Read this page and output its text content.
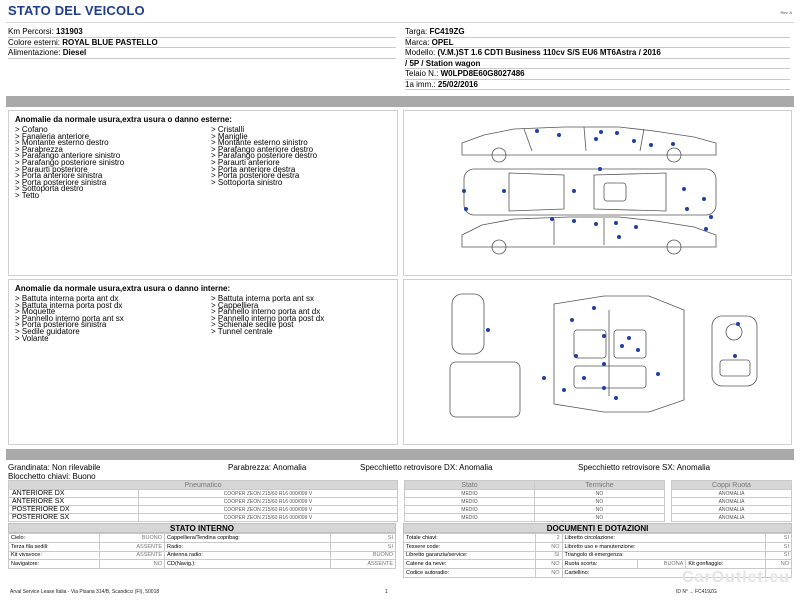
STATO DEL VEICOLO	Rev. A
Km Percorsi: 131903
Colore esterni: ROYAL BLUE PASTELLO
Alimentazione: Diesel
Targa: FC419ZG
Marca: OPEL
Modello: (V.M.)ST 1.6 CDTI Business 110cv S/S EU6 MT6Astra / 2016
/ 5P / Station wagon
Telaio N.: W0LPD8E60G8027486
1a imm.: 25/02/2016
Anomalie da normale usura,extra usura o danno esterne:
> Cofano
> Fanaleria anteriore
> Montante esterno destro
> Parabrezza
> Parafango anteriore sinistro
> Parafango posteriore sinistro
> Paraurti posteriore
> Porta anteriore sinistra
> Porta posteriore sinistra
> Sottoporta destro
> Tetto
> Cristalli
> Maniglie
> Montante esterno sinistro
> Parafango anteriore destro
> Parafango posteriore destro
> Paraurti anteriore
> Porta anteriore destra
> Porta posteriore destra
> Sottoporta sinistro
Anomalie da normale usura,extra usura o danno interne:
> Battuta interna porta ant dx
> Battuta interna porta post dx
> Moquette
> Pannello interno porta ant sx
> Porta posteriore sinistra
> Sedile guidatore
> Volante
> Battuta interna porta ant sx
> Cappelliera
> Pannello interno porta ant dx
> Pannello interno porta post dx
> Schienale sedile post
> Tunnel centrale
Grandinata: Non rilevabile
Blocchetto chiavi: Buono
Parabrezza: Anomalia	Specchietto retrovisore DX: Anomalia	Specchietto retrovisore SX: Anomalia
Pneumatico			Stato	Termiche		Coppi Ruota
ANTERIORE DX	COOPER ZEON 215/60 R16 000/099 V		MEDIO	NO		ANOMALIA
ANTERIORE SX	COOPER ZEON 215/60 R16 000/099 V		MEDIO	NO		ANOMALIA
POSTERIORE DX	COOPER ZEON 215/60 R16 000/099 V		MEDIO	NO		ANOMALIA
POSTERIORE SX	COOPER ZEON 215/60 R16 000/099 V		MEDIO	NO		ANOMALIA
STATO INTERNO
Cielo:	BUONO	Cappelliera/Tendina copribag:	SI
Terza fila sedili:	ASSENTE	Radio:	SI
Kit vivavoce:	ASSENTE	Antenna radio:	BUONO
Navigatore:	NO	CD(Navig.):	ASSENTE
DOCUMENTI E DOTAZIONI
Totale chiavi:	2	Libretto circolazione:			SI
Tessere code:	NO	Libretto uso e manutenzione:			SI
Libretto garanzia/service:	SI	Triangolo di emergenza:			SI
Catene da neve:	NO	Ruota scorta:	BUONA	Kit gonfiaggio:	NO
Codice autoradio:	NO	Cartellino:			
Arval Service Lease Italia - Via Pisana 314/B, Scandicci (FI), 50018	1	ID N° ... FC419ZG
CarOutlet.eu
